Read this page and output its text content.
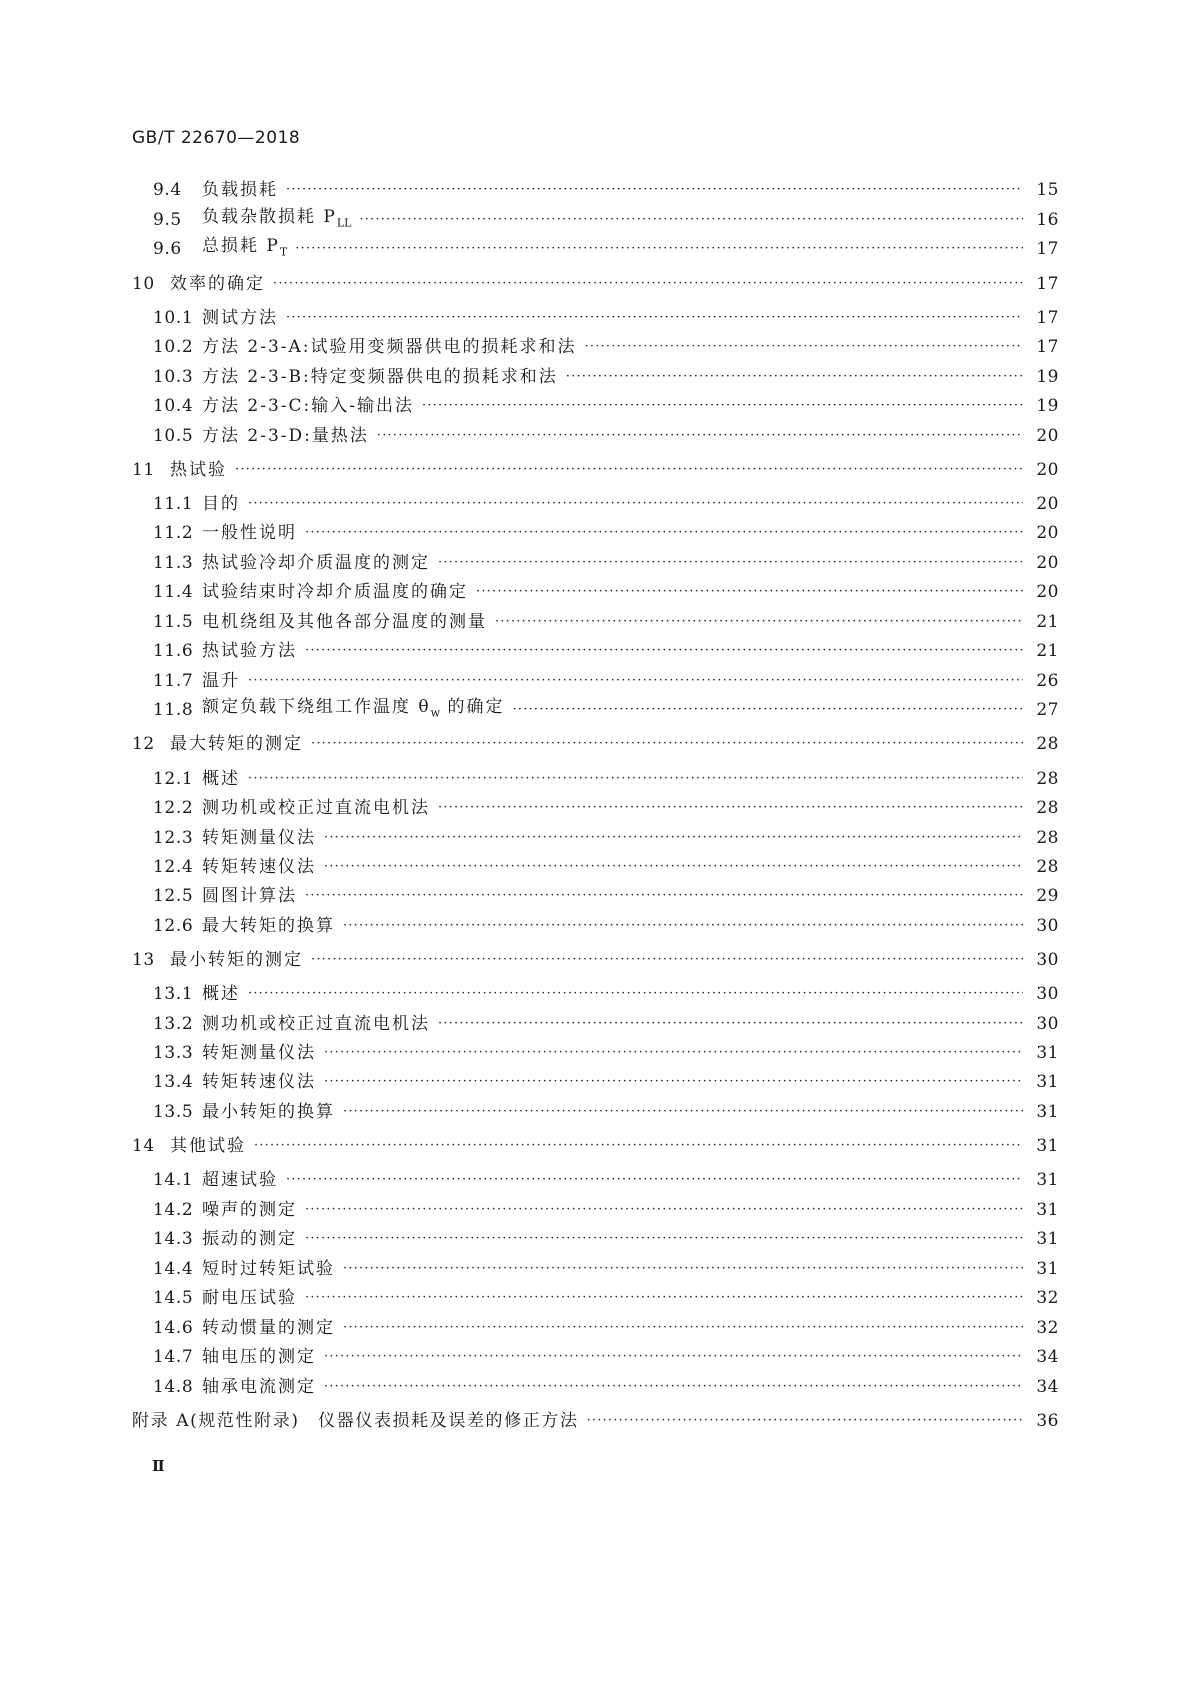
GB/T 22670—2018
9.4	负载损耗 ·····	15
9.5	负载杂散损耗 $P_{LL}$ ·····	16
9.6	总损耗 $P_T$ ·····	17
10 效率的确定 ·····	17
10.1 测试方法 ·····	17
10.2 方法 2-3-A:试验用变频器供电的损耗求和法 ·····	17
10.3 方法 2-3-B:特定变频器供电的损耗求和法 ·····	19
10.4 方法 2-3-C:输入-输出法 ·····	19
10.5 方法 2-3-D:量热法 ·····	20
11 热试验 ·····	20
11.1 目的 ·····	20
11.2 一般性说明 ·····	20
11.3 热试验冷却介质温度的测定 ·····	20
11.4 试验结束时冷却介质温度的确定 ·····	20
11.5 电机绕组及其他各部分温度的测量 ·····	21
11.6 热试验方法 ·····	21
11.7 温升 ·····	26
11.8 额定负载下绕组工作温度 $\theta_w$ 的确定 ·····	27
12 最大转矩的测定 ·····	28
12.1 概述 ·····	28
12.2 测功机或校正过直流电机法 ·····	28
12.3 转矩测量仪法 ·····	28
12.4 转矩转速仪法 ·····	28
12.5 圆图计算法 ·····	29
12.6 最大转矩的换算 ·····	30
13 最小转矩的测定 ·····	30
13.1 概述 ·····	30
13.2 测功机或校正过直流电机法 ·····	30
13.3 转矩测量仪法 ·····	31
13.4 转矩转速仪法 ·····	31
13.5 最小转矩的换算 ·····	31
14 其他试验 ·····	31
14.1 超速试验 ·····	31
14.2 噪声的测定 ·····	31
14.3 振动的测定 ·····	31
14.4 短时过转矩试验 ·····	31
14.5 耐电压试验 ·····	32
14.6 转动惯量的测定 ·····	32
14.7 轴电压的测定 ·····	34
14.8 轴承电流测定 ·····	34
附录 A(规范性附录)　仪器仪表损耗及误差的修正方法 ·····	36
Ⅱ
